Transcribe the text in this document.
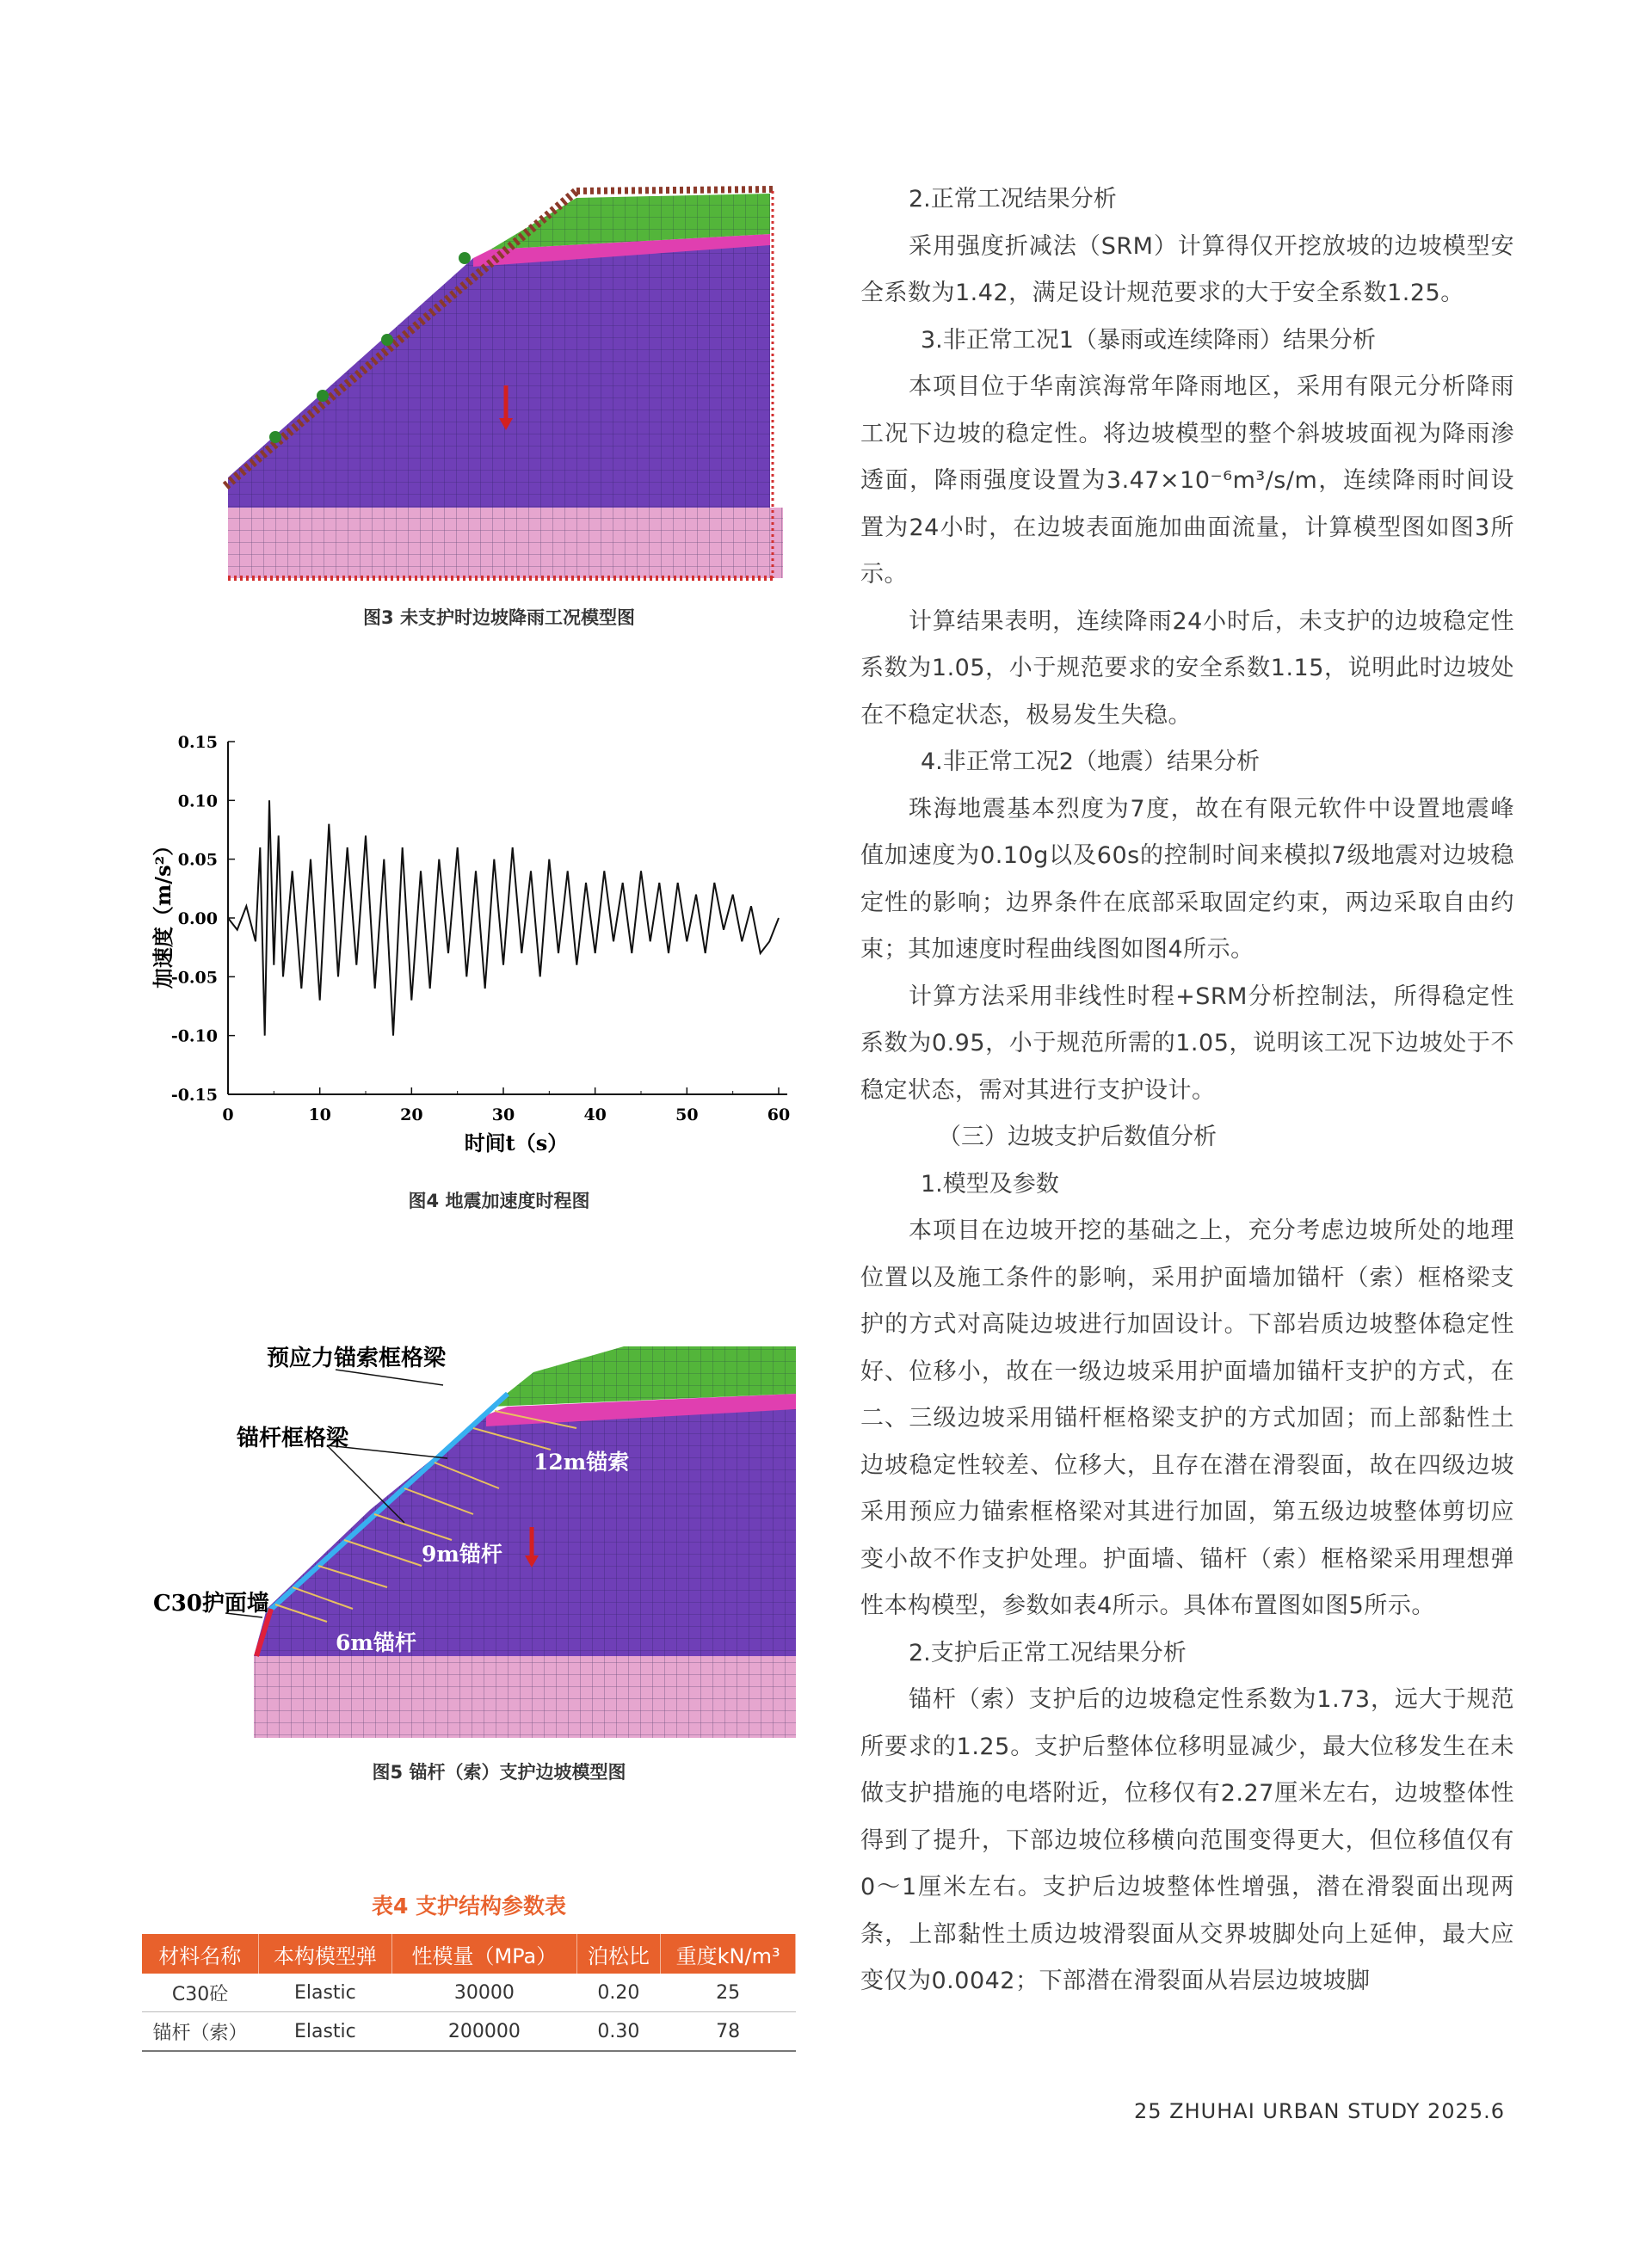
图3 未支护时边坡降雨工况模型图
0.15
0.10
0.05
0.00
-0.05
-0.10
-0.15
0	10	20	30	40	50	60
时间t（s）
加速度（m/s²）
图4 地震加速度时程图
预应力锚索框格梁
锚杆框格梁
C30护面墙
12m锚索
9m锚杆
6m锚杆
图5 锚杆（索）支护边坡模型图
表4 支护结构参数表
材料名称	本构模型弹	性模量（MPa）	泊松比	重度kN/m³
C30砼	Elastic	30000	0.20	25
锚杆（索）	Elastic	200000	0.30	78

2.正常工况结果分析

采用强度折减法（SRM）计算得仅开挖放坡的边坡模型安全系数为1.42，满足设计规范要求的大于安全系数1.25。

3.非正常工况1（暴雨或连续降雨）结果分析

本项目位于华南滨海常年降雨地区，采用有限元分析降雨工况下边坡的稳定性。将边坡模型的整个斜坡坡面视为降雨渗透面，降雨强度设置为3.47×10⁻⁶m³/s/m，连续降雨时间设置为24小时，在边坡表面施加曲面流量，计算模型图如图3所示。

计算结果表明，连续降雨24小时后，未支护的边坡稳定性系数为1.05，小于规范要求的安全系数1.15，说明此时边坡处在不稳定状态，极易发生失稳。

4.非正常工况2（地震）结果分析

珠海地震基本烈度为7度，故在有限元软件中设置地震峰值加速度为0.10g以及60s的控制时间来模拟7级地震对边坡稳定性的影响；边界条件在底部采取固定约束，两边采取自由约束；其加速度时程曲线图如图4所示。

计算方法采用非线性时程+SRM分析控制法，所得稳定性系数为0.95，小于规范所需的1.05，说明该工况下边坡处于不稳定状态，需对其进行支护设计。

（三）边坡支护后数值分析

1.模型及参数

本项目在边坡开挖的基础之上，充分考虑边坡所处的地理位置以及施工条件的影响，采用护面墙加锚杆（索）框格梁支护的方式对高陡边坡进行加固设计。下部岩质边坡整体稳定性好、位移小，故在一级边坡采用护面墙加锚杆支护的方式，在二、三级边坡采用锚杆框格梁支护的方式加固；而上部黏性土边坡稳定性较差、位移大，且存在潜在滑裂面，故在四级边坡采用预应力锚索框格梁对其进行加固，第五级边坡整体剪切应变小故不作支护处理。护面墙、锚杆（索）框格梁采用理想弹性本构模型，参数如表4所示。具体布置图如图5所示。

2.支护后正常工况结果分析

锚杆（索）支护后的边坡稳定性系数为1.73，远大于规范所要求的1.25。支护后整体位移明显减少，最大位移发生在未做支护措施的电塔附近，位移仅有2.27厘米左右，边坡整体性得到了提升，下部边坡位移横向范围变得更大，但位移值仅有0～1厘米左右。支护后边坡整体性增强，潜在滑裂面出现两条，上部黏性土质边坡滑裂面从交界坡脚处向上延伸，最大应变仅为0.0042；下部潜在滑裂面从岩层边坡坡脚

25 ZHUHAI URBAN STUDY 2025.6
